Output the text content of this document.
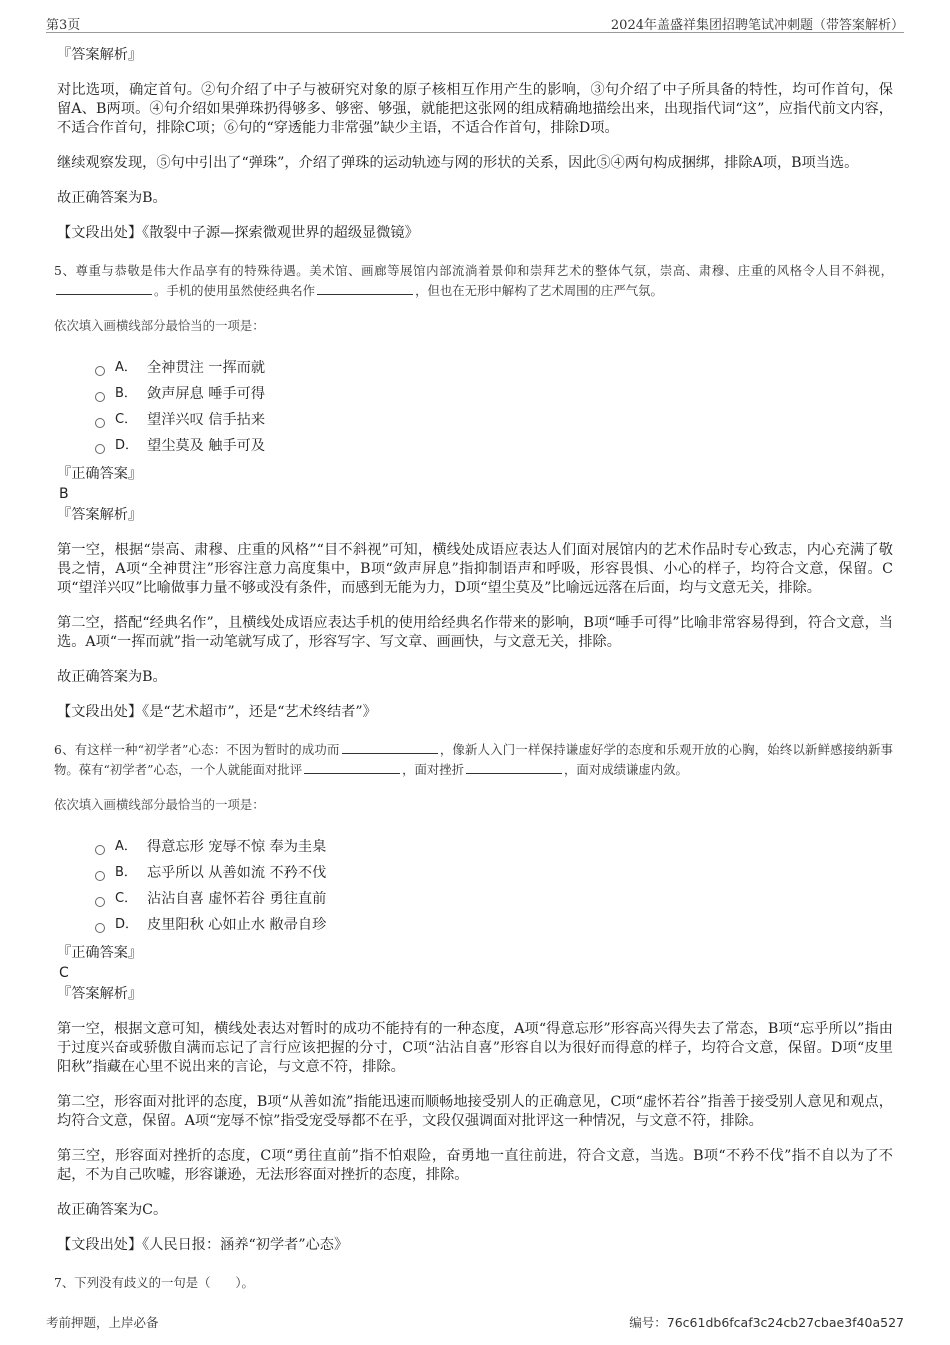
第3页	2024年盖盛祥集团招聘笔试冲刺题（带答案解析）

『答案解析』

对比选项，确定首句。②句介绍了中子与被研究对象的原子核相互作用产生的影响，③句介绍了中子所具备的特性，均可作首句，保留A、B两项。④句介绍如果弹珠扔得够多、够密、够强，就能把这张网的组成精确地描绘出来，出现指代词“这”，应指代前文内容，不适合作首句，排除C项；⑥句的“穿透能力非常强”缺少主语，不适合作首句，排除D项。

继续观察发现，⑤句中引出了“弹珠”，介绍了弹珠的运动轨迹与网的形状的关系，因此⑤④两句构成捆绑，排除A项，B项当选。

故正确答案为B。

【文段出处】《散裂中子源—探索微观世界的超级显微镜》

5、尊重与恭敬是伟大作品享有的特殊待遇。美术馆、画廊等展馆内部流淌着景仰和崇拜艺术的整体气氛，崇高、肃穆、庄重的风格令人目不斜视，。手机的使用虽然使经典名作	，但也在无形中解构了艺术周围的庄严气氛。

依次填入画横线部分最恰当的一项是：

A． 全神贯注 一挥而就
B． 敛声屏息 唾手可得
C． 望洋兴叹 信手拈来
D． 望尘莫及 触手可及

『正确答案』

B

『答案解析』

第一空，根据“崇高、肃穆、庄重的风格”“目不斜视”可知，横线处成语应表达人们面对展馆内的艺术作品时专心致志，内心充满了敬畏之情，A项“全神贯注”形容注意力高度集中，B项“敛声屏息”指抑制语声和呼吸，形容畏惧、小心的样子，均符合文意，保留。C项“望洋兴叹”比喻做事力量不够或没有条件，而感到无能为力，D项“望尘莫及”比喻远远落在后面，均与文意无关，排除。

第二空，搭配“经典名作”，且横线处成语应表达手机的使用给经典名作带来的影响，B项“唾手可得”比喻非常容易得到，符合文意，当选。A项“一挥而就”指一动笔就写成了，形容写字、写文章、画画快，与文意无关，排除。

故正确答案为B。

【文段出处】《是“艺术超市”，还是“艺术终结者”》

6、有这样一种“初学者”心态：不因为暂时的成功而	，像新人入门一样保持谦虚好学的态度和乐观开放的心胸，始终以新鲜感接纳新事物。葆有“初学者”心态，一个人就能面对批评	，面对挫折	，面对成绩谦虚内敛。

依次填入画横线部分最恰当的一项是：

A． 得意忘形 宠辱不惊 奉为圭臬
B． 忘乎所以 从善如流 不矜不伐
C． 沾沾自喜 虚怀若谷 勇往直前
D． 皮里阳秋 心如止水 敝帚自珍

『正确答案』

C

『答案解析』

第一空，根据文意可知，横线处表达对暂时的成功不能持有的一种态度，A项“得意忘形”形容高兴得失去了常态，B项“忘乎所以”指由于过度兴奋或骄傲自满而忘记了言行应该把握的分寸，C项“沾沾自喜”形容自以为很好而得意的样子，均符合文意，保留。D项“皮里阳秋”指藏在心里不说出来的言论，与文意不符，排除。

第二空，形容面对批评的态度，B项“从善如流”指能迅速而顺畅地接受别人的正确意见，C项“虚怀若谷”指善于接受别人意见和观点，均符合文意，保留。A项“宠辱不惊”指受宠受辱都不在乎，文段仅强调面对批评这一种情况，与文意不符，排除。

第三空，形容面对挫折的态度，C项“勇往直前”指不怕艰险，奋勇地一直往前进，符合文意，当选。B项“不矜不伐”指不自以为了不起，不为自己吹嘘，形容谦逊，无法形容面对挫折的态度，排除。

故正确答案为C。

【文段出处】《人民日报：涵养“初学者”心态》

7、下列没有歧义的一句是（　　）。

考前押题，上岸必备	编号：76c61db6fcaf3c24cb27cbae3f40a527
